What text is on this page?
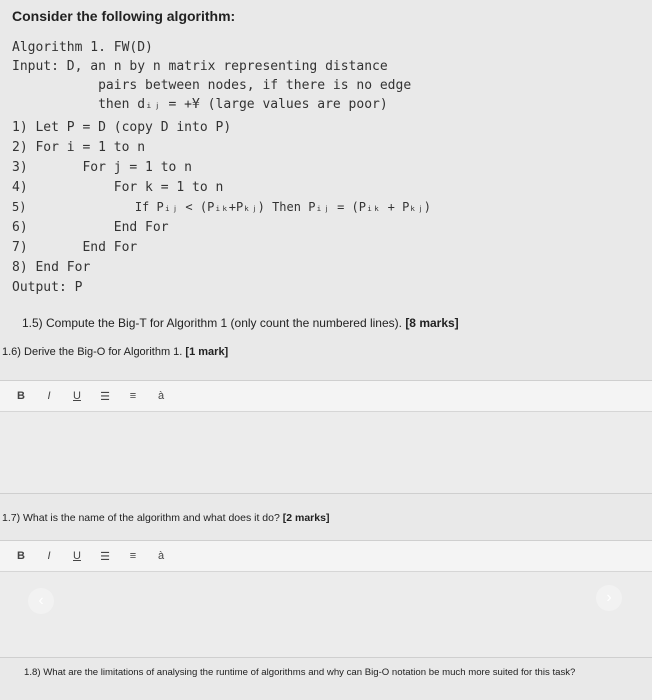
Consider the following algorithm:
Algorithm 1. FW(D)
Input: D, an n by n matrix representing distance
pairs between nodes, if there is no edge
then dᵢⱼ = +¥ (large values are poor)
1) Let P = D (copy D into P)
2) For i = 1 to n
3)       For j = 1 to n
4)           For k = 1 to n
5)               If Pᵢⱼ < (Pᵢₖ+Pₖⱼ) Then Pᵢⱼ = (Pᵢₖ + Pₖⱼ)
6)           End For
7)       End For
8) End For
Output: P
1.5) Compute the Big-T for Algorithm 1 (only count the numbered lines). [8 marks]
1.6) Derive the Big-O for Algorithm 1. [1 mark]
B	I	U ☰	≡	à
1.7) What is the name of the algorithm and what does it do? [2 marks]
B	I	U ☰	≡	à
‹	›
1.8) What are the limitations of analysing the runtime of algorithms and why can Big-O notation be much more suited for this task?
